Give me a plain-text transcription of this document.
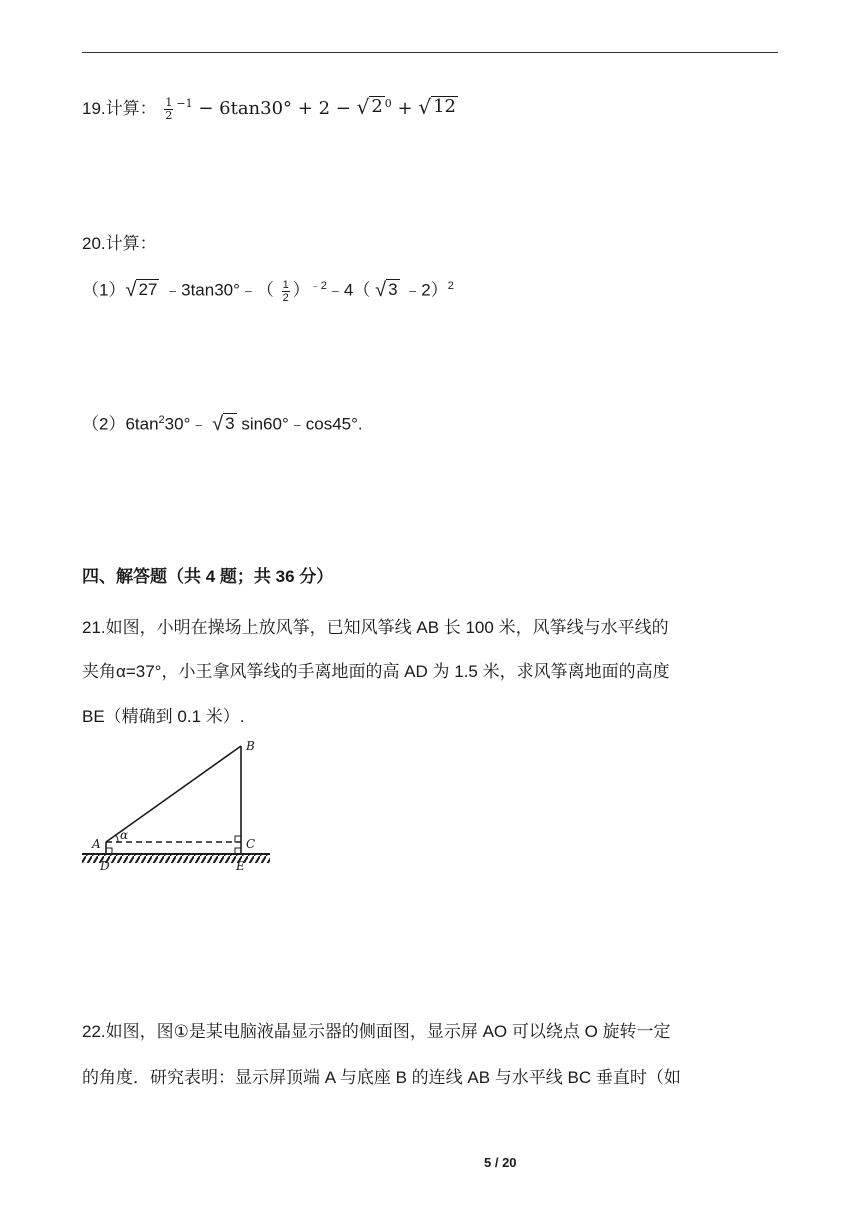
19.计算： $\frac{1}{2} ^{-1} - 6\tan 30^\circ + 2$ − √ 2 $^0$ + √ 12
20.计算：
（1） √ 27 ﹣3tan30°﹣（ $\frac{1}{2}$ ）$^{﹣2}$﹣4（ √ 3 ﹣2）$^2$
$(2)6\tan^230^\circ﹣$ √ 3 sin60°﹣cos45°.
四、解答题（共 4 题；共 36 分）
21.如图，小明在操场上放风筝，已知风筝线 AB 长 100 米，风筝线与水平线的
夹角α=37°，小王拿风筝线的手离地面的高 AD 为 1.5 米，求风筝离地面的高度
BE（精确到 0.1 米）.
A
B
C
D	E
α
22.如图，图①是某电脑液晶显示器的侧面图，显示屏 AO 可以绕点 O 旋转一定
的角度．研究表明：显示屏顶端 A 与底座 B 的连线 AB 与水平线 BC 垂直时（如
5 / 20
